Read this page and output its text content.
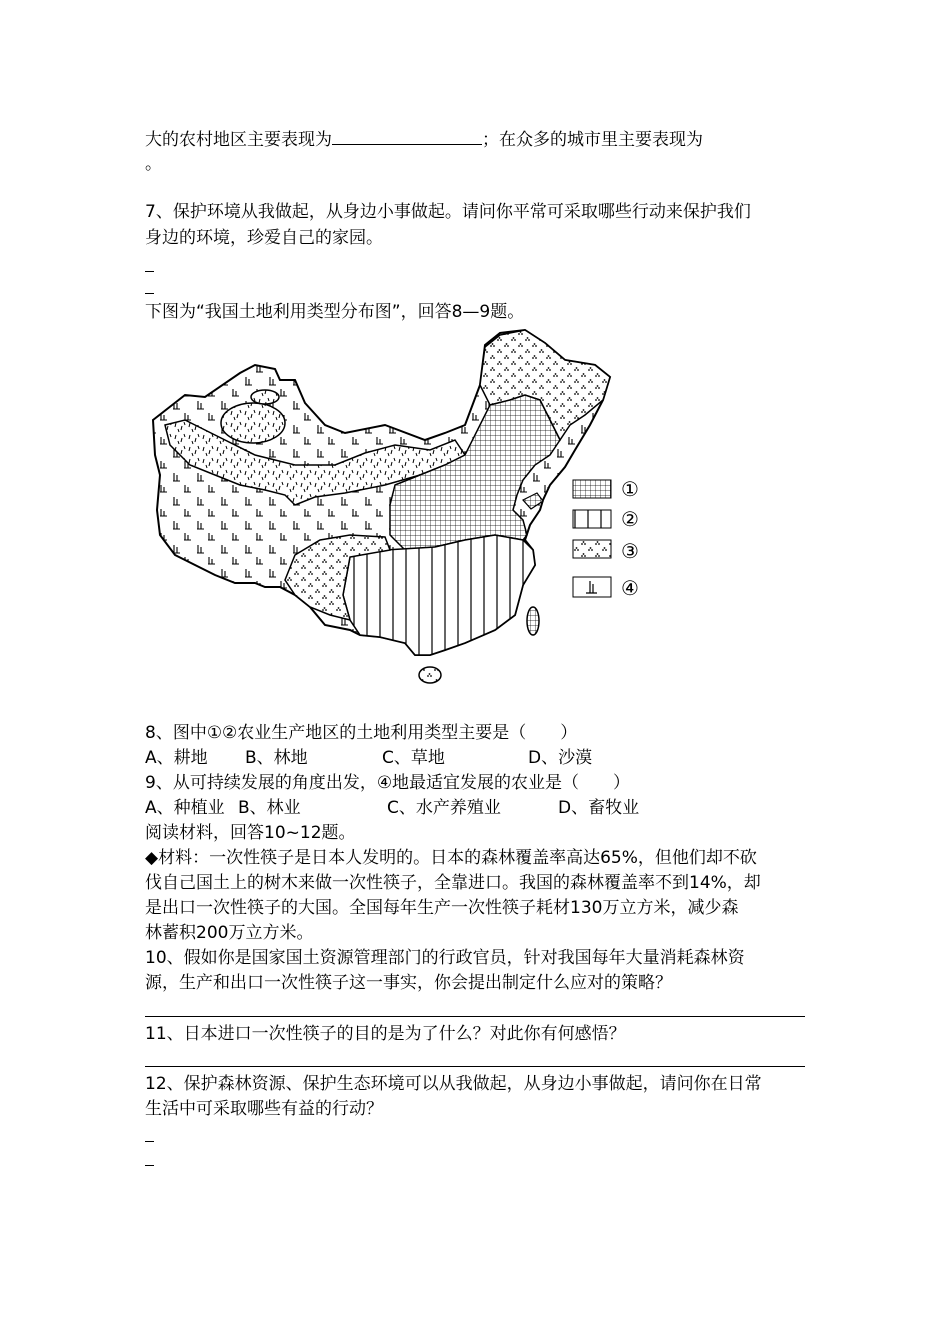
大的农村地区主要表现为	；在众多的城市里主要表现为
。
7、保护环境从我做起，从身边小事做起。请问你平常可采取哪些行动来保护我们
身边的环境，珍爱自己的家园。
下图为“我国土地利用类型分布图”，回答8—9题。
①
②
③
④
8、图中①②农业生产地区的土地利用类型主要是（　　）
A、耕地 B、林地	C、草地	D、沙漠
9、从可持续发展的角度出发，④地最适宜发展的农业是（　　）
A、种植业 B、林业	C、水产养殖业	D、畜牧业
阅读材料，回答10~12题。
◆材料：一次性筷子是日本人发明的。日本的森林覆盖率高达65%，但他们却不砍
伐自己国土上的树木来做一次性筷子，全靠进口。我国的森林覆盖率不到14%，却
是出口一次性筷子的大国。全国每年生产一次性筷子耗材130万立方米，减少森
林蓄积200万立方米。
10、假如你是国家国土资源管理部门的行政官员，针对我国每年大量消耗森林资
源，生产和出口一次性筷子这一事实，你会提出制定什么应对的策略？
11、日本进口一次性筷子的目的是为了什么？对此你有何感悟？
12、保护森林资源、保护生态环境可以从我做起，从身边小事做起，请问你在日常
生活中可采取哪些有益的行动？
